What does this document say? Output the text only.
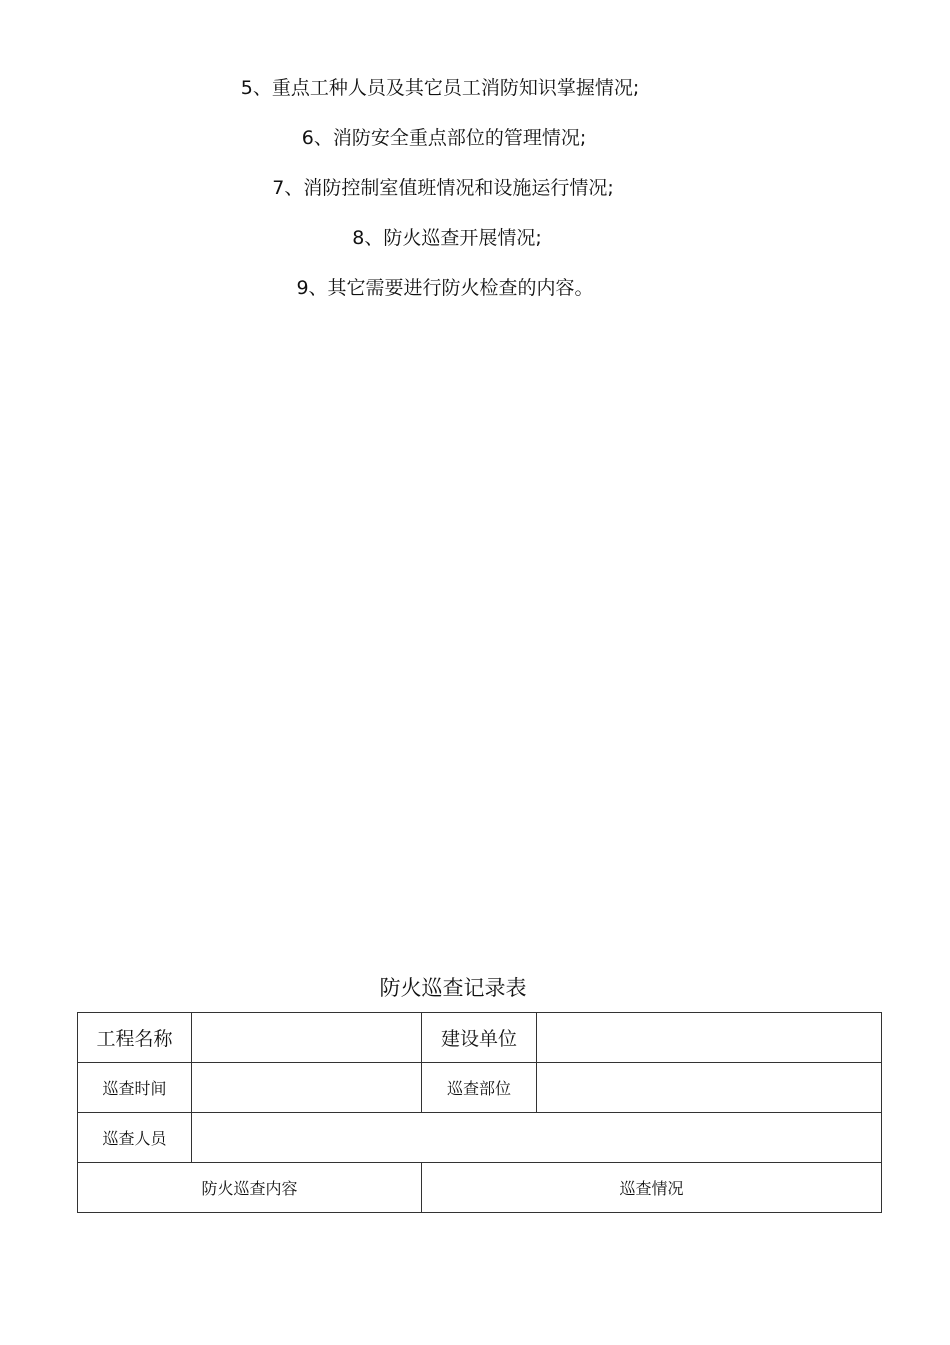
5、重点工种人员及其它员工消防知识掌握情况;
6、消防安全重点部位的管理情况;
7、消防控制室值班情况和设施运行情况;
8、防火巡查开展情况;
9、其它需要进行防火检查的内容。
防火巡查记录表
工程名称		建设单位	
巡查时间		巡查部位	
巡查人员			
防火巡查内容		巡查情况	
